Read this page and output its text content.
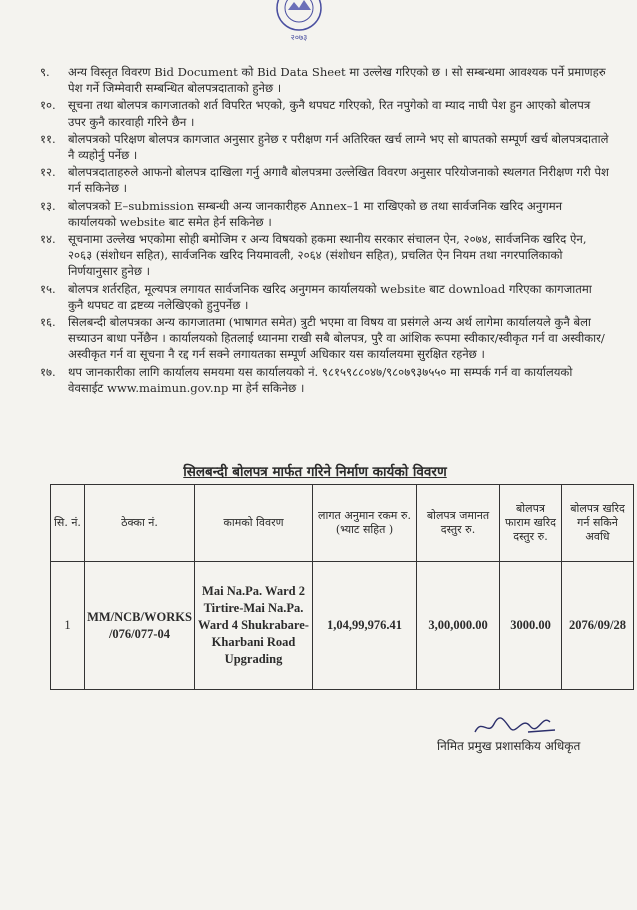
२०७३
९.	अन्य विस्तृत विवरण Bid Document को Bid Data Sheet मा उल्लेख गरिएको छ । सो सम्बन्धमा आवश्यक पर्ने प्रमाणहरु पेश गर्ने जिम्मेवारी सम्बन्धित बोलपत्रदाताको हुनेछ ।
१०.	सूचना तथा बोलपत्र कागजातको शर्त विपरित भएको, कुनै थपघट गरिएको, रित नपुगेको वा म्याद नाघी पेश हुन आएको बोलपत्र उपर कुनै कारवाही गरिने छैन ।
११.	बोलपत्रको परिक्षण बोलपत्र कागजात अनुसार हुनेछ र परीक्षण गर्न अतिरिक्त खर्च लाग्ने भए सो बापतको सम्पूर्ण खर्च बोलपत्रदाताले नै व्यहोर्नु पर्नेछ ।
१२.	बोलपत्रदाताहरुले आफनो बोलपत्र दाखिला गर्नु अगावै बोलपत्रमा उल्लेखित विवरण अनुसार परियोजनाको स्थलगत निरीक्षण गरी पेश गर्न सकिनेछ ।
१३.	बोलपत्रको E–submission सम्बन्धी अन्य जानकारीहरु Annex–1 मा राखिएको छ तथा सार्वजनिक खरिद अनुगमन कार्यालयको website बाट समेत हेर्न सकिनेछ ।
१४.	सूचनामा उल्लेख भएकोमा सोही बमोजिम र अन्य विषयको हकमा स्थानीय सरकार संचालन ऐन, २०७४, सार्वजनिक खरिद ऐन, २०६३ (संशोधन सहित), सार्वजनिक खरिद नियमावली, २०६४ (संशोधन सहित), प्रचलित ऐन नियम तथा नगरपालिकाको निर्णयानुसार हुनेछ ।
१५.	बोलपत्र शर्तरहित, मूल्यपत्र लगायत सार्वजनिक खरिद अनुगमन कार्यालयको website बाट download गरिएका कागजातमा कुनै थपघट वा द्रष्टव्य नलेखिएको हुनुपर्नेछ ।
१६.	सिलबन्दी बोलपत्रका अन्य कागजातमा (भाषागत समेत) त्रुटी भएमा वा विषय वा प्रसंगले अन्य अर्थ लागेमा कार्यालयले कुनै बेला सच्याउन बाधा पर्नेछैन । कार्यालयको हितलाई ध्यानमा राखी सबै बोलपत्र, पुरै वा आंशिक रूपमा स्वीकार/स्वीकृत गर्न वा अस्वीकार/अस्वीकृत गर्न वा सूचना नै रद्द गर्न सक्ने लगायतका सम्पूर्ण अधिकार यस कार्यालयमा सुरक्षित रहनेछ ।
१७.	थप जानकारीका लागि कार्यालय समयमा यस कार्यालयको नं. ९८१५९८८०४७/९८०७९३७५५० मा सम्पर्क गर्न वा कार्यालयको वेवसाईट www.maimun.gov.np मा हेर्न सकिनेछ ।
सिलबन्दी बोलपत्र मार्फत गरिने निर्माण कार्यको विवरण
सि. नं.	ठेक्का नं.	कामको विवरण	लागत अनुमान रकम रु. (भ्याट सहित )	बोलपत्र जमानत दस्तुर रु.	बोलपत्र फाराम खरिद दस्तुर रु.	बोलपत्र खरिद गर्न सकिने अवधि
1	MM/NCB/WORKS /076/077-04	Mai Na.Pa. Ward 2 Tirtire-Mai Na.Pa. Ward 4 Shukrabare-Kharbani Road Upgrading	1,04,99,976.41	3,00,000.00	3000.00	2076/09/28
निमित प्रमुख प्रशासकिय अधिकृत
